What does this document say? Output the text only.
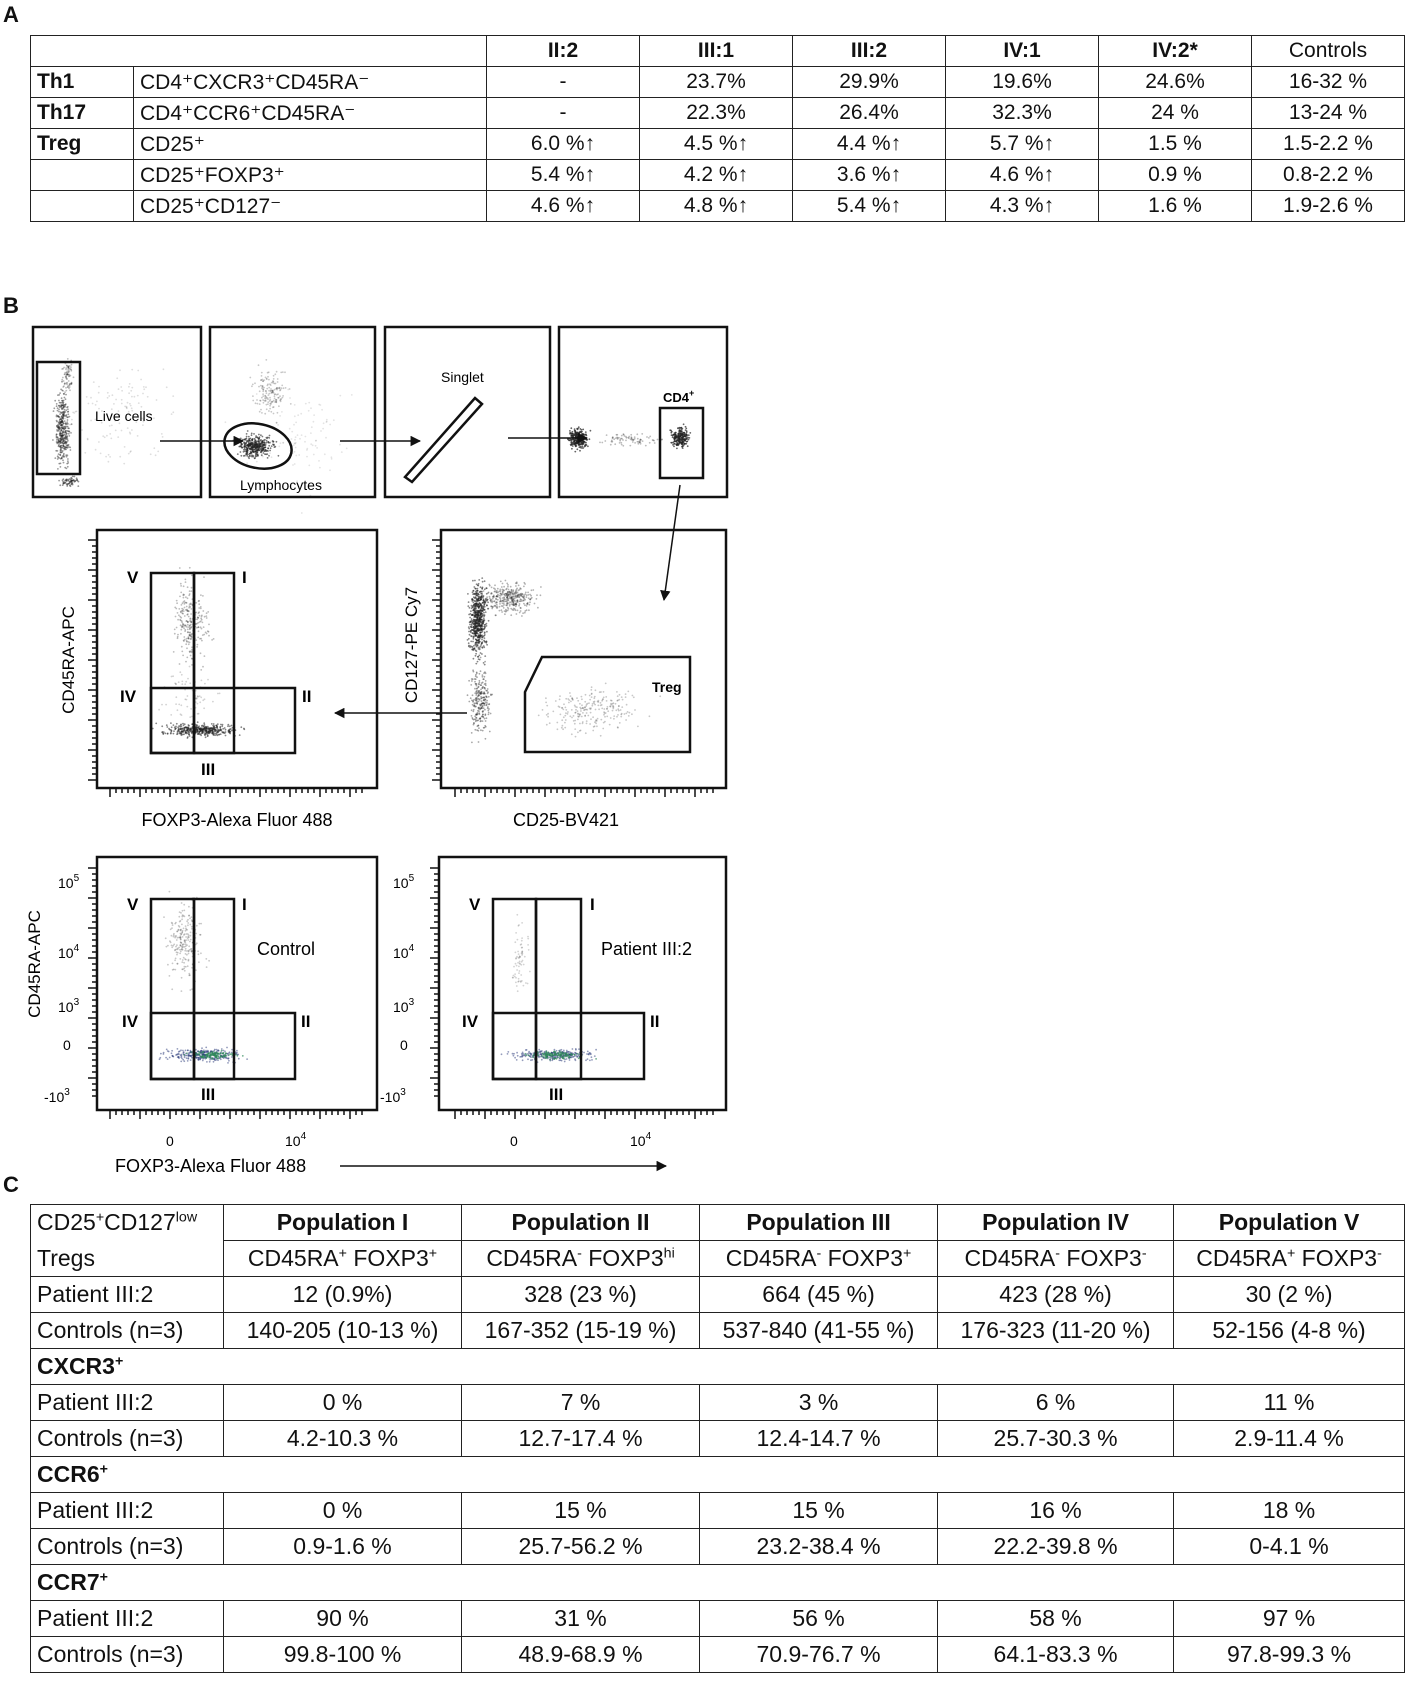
A
		II:2	III:1	III:2	IV:1	IV:2*	Controls
Th1	CD4⁺CXCR3⁺CD45RA⁻	-	23.7%	29.9%	19.6%	24.6%	16-32 %
Th17	CD4⁺CCR6⁺CD45RA⁻	-	22.3%	26.4%	32.3%	24 %	13-24 %
Treg	CD25⁺	6.0 %↑	4.5 %↑	4.4 %↑	5.7 %↑	1.5 %	1.5-2.2 %
	CD25⁺FOXP3⁺	5.4 %↑	4.2 %↑	3.6 %↑	4.6 %↑	0.9 %	0.8-2.2 %
	CD25⁺CD127⁻	4.6 %↑	4.8 %↑	5.4 %↑	4.3 %↑	1.6 %	1.9-2.6 %
B
Live cells
Lymphocytes
Singlet
CD4+
CD45RA-APC
FOXP3-Alexa Fluor 488
CD127-PE Cy7
CD25-BV421
Treg
V	I
IV	II
III
CD45RA-APC
FOXP3-Alexa Fluor 488
Control	Patient III:2
V	I
IV	II
III
V	I
IV	II
III
$10^5$
$10^4$
$10^3$
0
$-10^3$
$10^5$
$10^4$
$10^3$
0
$-10^3$
0	$10^4$	0	$10^4$
C
$CD25^+CD127^{low}$	Population I	Population II	Population III	Population IV	Population V
Tregs	CD45RA+ FOXP3+	CD45RA- $FOXP3^{hi}$	CD45RA- FOXP3+	CD45RA- FOXP3-	CD45RA+ FOXP3-
Patient III:2	12 (0.9%)	328 (23 %)	664 (45 %)	423 (28 %)	30 (2 %)
Controls (n=3)	140-205 (10-13 %)	167-352 (15-19 %)	537-840 (41-55 %)	176-323 (11-20 %)	52-156 (4-8 %)
CXCR3+
Patient III:2	0 %	7 %	3 %	6 %	11 %
Controls (n=3)	4.2-10.3 %	12.7-17.4 %	12.4-14.7 %	25.7-30.3 %	2.9-11.4 %
CCR6+
Patient III:2	0 %	15 %	15 %	16 %	18 %
Controls (n=3)	0.9-1.6 %	25.7-56.2 %	23.2-38.4 %	22.2-39.8 %	0-4.1 %
CCR7+
Patient III:2	90 %	31 %	56 %	58 %	97 %
Controls (n=3)	99.8-100 %	48.9-68.9 %	70.9-76.7 %	64.1-83.3 %	97.8-99.3 %
